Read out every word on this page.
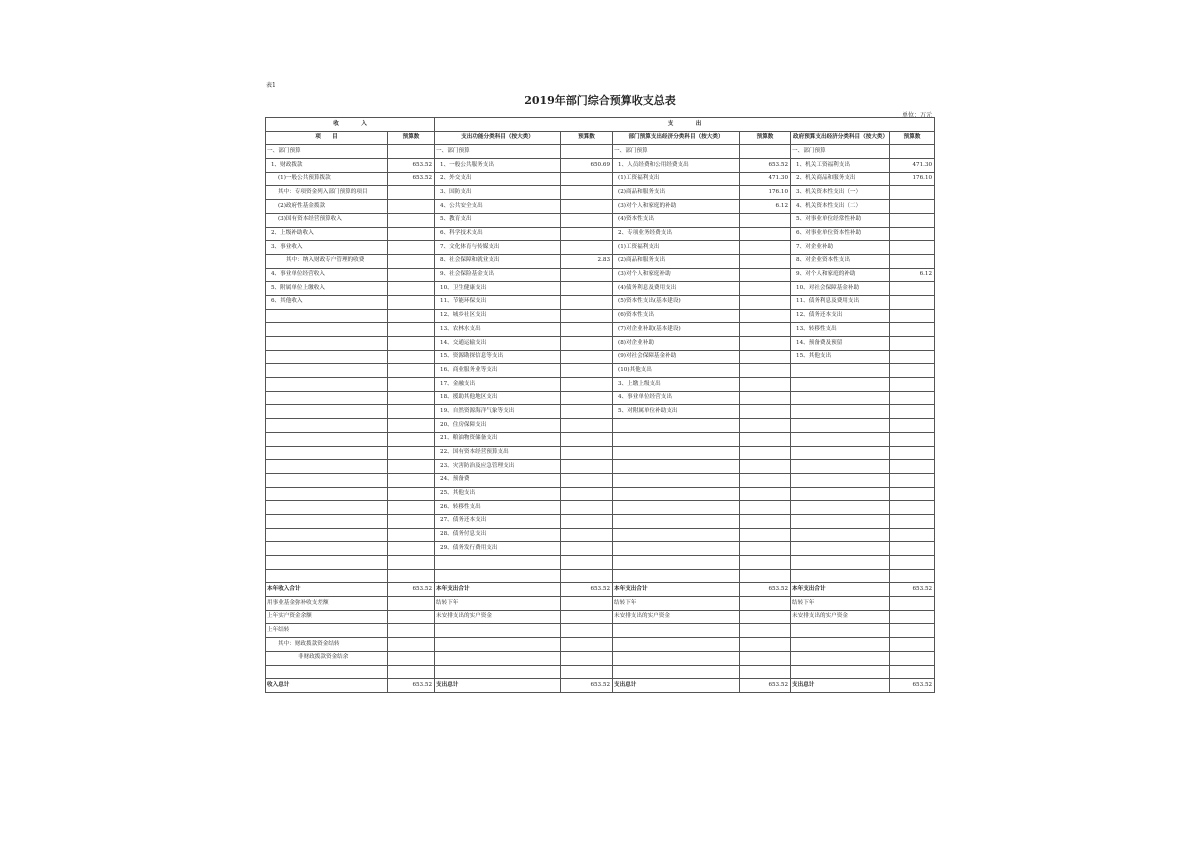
表1
2019年部门综合预算收支总表
单位：万元
收　　　　入		支　　　　出					
项　　目	预算数	支出功能分类科目（按大类）	预算数	部门预算支出经济分类科目（按大类）	预算数	政府预算支出经济分类科目（按大类）	预算数
一、部门预算		一、部门预算		一、部门预算		一、部门预算	
1、财政拨款	653.52	1、一般公共服务支出	650.69	1、人员经费和公用经费支出	653.52	1、机关工资福利支出	471.30
(1)一般公共预算拨款	653.52	2、外交支出		(1)工资福利支出	471.30	2、机关商品和服务支出	176.10
其中：专项资金列入部门预算的项目		3、国防支出		(2)商品和服务支出	176.10	3、机关资本性支出（一）	
(2)政府性基金拨款		4、公共安全支出		(3)对个人和家庭的补助	6.12	4、机关资本性支出（二）	
(3)国有资本经营预算收入		5、教育支出		(4)资本性支出		5、对事业单位经常性补助	
2、上级补助收入		6、科学技术支出		2、专项业务经费支出		6、对事业单位资本性补助	
3、事业收入		7、文化体育与传媒支出		(1)工资福利支出		7、对企业补助	
其中：纳入财政专户管理的收费		8、社会保障和就业支出	2.83	(2)商品和服务支出		8、对企业资本性支出	
4、事业单位经营收入		9、社会保险基金支出		(3)对个人和家庭补助		9、对个人和家庭的补助	6.12
5、附属单位上缴收入		10、卫生健康支出		(4)债务利息及费用支出		10、对社会保障基金补助	
6、其他收入		11、节能环保支出		(5)资本性支出(基本建设)		11、债务利息及费用支出	
		12、城乡社区支出		(6)资本性支出		12、债务还本支出	
		13、农林水支出		(7)对企业补助(基本建设)		13、转移性支出	
		14、交通运输支出		(8)对企业补助		14、预备费及预留	
		15、资源勘探信息等支出		(9)对社会保障基金补助		15、其他支出	
		16、商业服务业等支出		(10)其他支出			
		17、金融支出		3、上缴上级支出			
		18、援助其他地区支出		4、事业单位经营支出			
		19、自然资源海洋气象等支出		5、对附属单位补助支出			
		20、住房保障支出					
		21、粮油物资储备支出					
		22、国有资本经营预算支出					
		23、灾害防治及应急管理支出					
		24、预备费					
		25、其他支出					
		26、转移性支出					
		27、债务还本支出					
		28、债务付息支出					
		29、债务发行费用支出					

本年收入合计	653.52	本年支出合计	653.52	本年支出合计	653.52	本年支出合计	653.52
用事业基金弥补收支差额		结转下年		结转下年		结转下年	
上年实户资金余额		未安排支出的实户资金		未安排支出的实户资金		未安排支出的实户资金	
上年结转							
其中：财政拨款资金结转							
非财政拨款资金结余							

收入总计	653.52	支出总计	653.52	支出总计	653.52	支出总计	653.52
